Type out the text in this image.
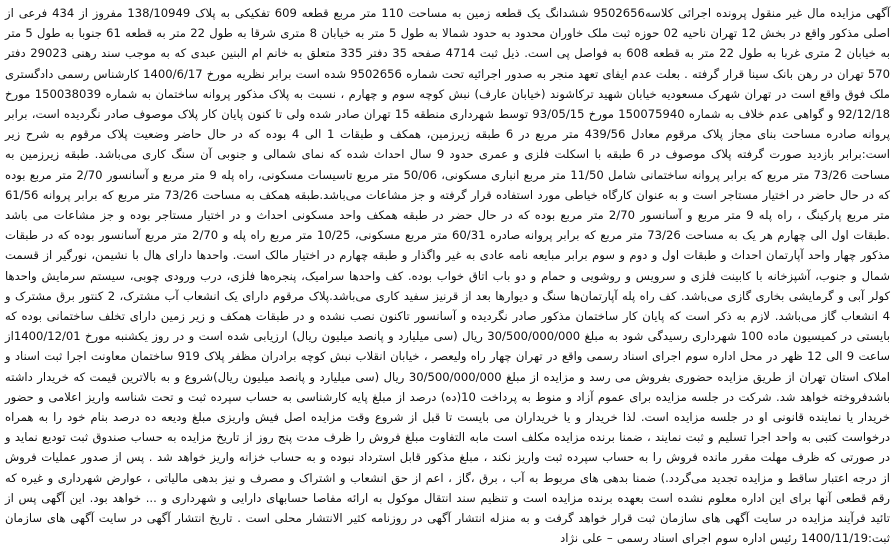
آگهی مزایده مال غیر منقول پرونده اجرائی کلاسه9502656 ششدانگ یک قطعه زمین به مساحت 110 متر مربع قطعه 609 تفکیکی به پلاک 138/10949 مفروز از 434 فرعی از اصلی مذکور واقع در بخش 12 تهران ناحیه 02 حوزه ثبت ملک خاوران محدود به حدود شمالا به طول 5 متر به خیابان 8 متری شرقا به طول 22 متر به قطعه 61 جنوبا به طول 5 متر به خیابان 2 متری غربا به طول 22 متر به قطعه 608 به فواصل پی است. ذیل ثبت 4714 صفحه 35 دفتر 335 متعلق به خانم ام البنین عبدی که به موجب سند رهنی 29023 دفتر 570 تهران در رهن بانک سینا قرار گرفته . بعلت عدم ایفای تعهد منجر به صدور اجرائیه تحت شماره 9502656 شده است برابر نظریه مورخ 1400/6/17 کارشناس رسمی دادگستری ملک فوق واقع است در تهران شهرک مسعودیه خیابان شهید ترکاشوند (خیابان عارف) نبش کوچه سوم و چهارم ، نسبت به پلاک مذکور پروانه ساختمان به شماره 150038039 مورخ 92/12/18 و گواهی عدم خلاف به شماره 150075940 مورخ 93/05/15 توسط شهرداری منطقه 15 تهران صادر شده ولی تا کنون پایان کار پلاک موصوف صادر نگردیده است، برابر پروانه صادره مساحت بنای مجاز پلاک مرقوم معادل 439/56 متر مربع در 6 طبقه زیرزمین، همکف و طبقات 1 الی 4 بوده که در حال حاضر وضعیت پلاک مرقوم به شرح زیر است:برابر بازدید صورت گرفته پلاک موصوف در 6 طبقه با اسکلت فلزی و عمری حدود 9 سال احداث شده که نمای شمالی و جنوبی آن سنگ کاری می‌باشد. طبقه زیرزمین به مساحت 73/26 متر مربع که برابر پروانه ساختمانی شامل 11/50 متر مربع انباری مسکونی، 50/06 متر مربع تاسیسات مسکونی، راه پله 9 متر مربع و آسانسور 2/70 متر مربع بوده که در حال حاضر در اختیار مستاجر است و به عنوان کارگاه خیاطی مورد استفاده قرار گرفته و جز مشاعات می‌باشد.طبقه همکف به مساحت 73/26 متر مربع که برابر پروانه 61/56 متر مربع پارکینگ ، راه پله 9 متر مربع و آسانسور 2/70 متر مربع بوده که در حال حضر در طبقه همکف واحد مسکونی احداث و در اختیار مستاجر بوده و جز مشاعات می باشد .طبقات اول الی چهارم هر یک به مساحت 73/26 متر مربع که برابر پروانه صادره 60/31 متر مربع مسکونی، 10/25 متر مربع راه پله و 2/70 متر مربع آسانسور بوده که در طبقات مذکور چهار واحد آپارتمان احداث و طبقات اول و دوم و سوم برابر مبایعه نامه عادی به غیر واگذار و طبقه چهارم در اختیار مالک است. واحدها دارای هال با نشیمن، نورگیر از قسمت شمال و جنوب، آشپزخانه با کابینت فلزی و سرویس و روشویی و حمام و دو باب اتاق خواب بوده. کف واحدها سرامیک، پنجره‌ها فلزی، درب ورودی چوبی، سیستم سرمایش واحدها کولر آبی و گرمایشی بخاری گازی می‌باشد. کف راه پله آپارتمان‌ها سنگ و دیوارها بعد از قرنیز سفید کاری می‌باشد.پلاک مرقوم دارای یک انشعاب آب مشترک، 2 کنتور برق مشترک و 4 انشعاب گاز می‌باشد. لازم به ذکر است که پایان کار ساختمان مذکور صادر نگردیده و آسانسور تاکنون نصب نشده و در طبقات همکف و زیر زمین دارای تخلف ساختمانی بوده که بایستی در کمیسیون ماده 100 شهرداری رسیدگی شود به مبلغ 30/500/000/000 ریال (سی میلیارد و پانصد میلیون ریال) ارزیابی شده است و در روز یکشنبه مورخ 1400/12/01از ساعت 9 الی 12 ظهر در محل اداره سوم اجرای اسناد رسمی واقع در تهران چهار راه ولیعصر ، خیابان انقلاب نبش کوچه برادران مظفر پلاک 919 ساختمان معاونت اجرا ثبت اسناد و املاک استان تهران از طریق مزایده حضوری بفروش می رسد و مزایده از مبلغ 30/500/000/000 ریال (سی میلیارد و پانصد میلیون ریال)شروع و به بالاترین قیمت که خریدار داشته باشدفروخته خواهد شد. شرکت در جلسه مزایده برای عموم آزاد و منوط به پرداخت 10(ده) درصد از مبلغ پایه کارشناسی به حساب سپرده ثبت و تحت شناسه واریز اعلامی و حضور خریدار یا نماینده قانونی او در جلسه مزایده است. لذا خریدار و یا خریداران می بایست تا قبل از شروع وقت مزایده اصل فیش واریزی مبلغ ودیعه ده درصد بنام خود را به همراه درخواست کتبی به واحد اجرا تسلیم و ثبت نمایند ، ضمنا برنده مزایده مکلف است مابه التفاوت مبلغ فروش را ظرف مدت پنج روز از تاریخ مزایده به حساب صندوق ثبت تودیع نماید و در صورتی که ظرف مهلت مقرر مانده فروش را به حساب سپرده ثبت واریز نکند ، مبلغ مذکور قابل استرداد نبوده و به حساب خزانه واریز خواهد شد . پس از صدور عملیات فروش از درجه اعتبار ساقط و مزایده تجدید می‌گردد.) ضمنا بدهی های مربوط به آب ، برق ،گاز ، اعم از حق انشعاب و اشتراک و مصرف و نیز بدهی مالیاتی ، عوارض شهرداری و غیره که رقم قطعی آنها برای این اداره معلوم نشده است بعهده برنده مزایده است و تنظیم سند انتقال موکول به ارائه مفاصا حسابهای دارایی و شهرداری و ... خواهد بود. این آگهی پس از تائید فرآیند مزایده در سایت آگهی های سازمان ثبت قرار خواهد گرفت و به منزله انتشار آگهی در روزنامه کثیر الانتشار محلی است . تاریخ انتشار آگهی در سایت آگهی های سازمان ثبت:1400/11/19 رئیس اداره سوم اجرای اسناد رسمی – علی نژاد
